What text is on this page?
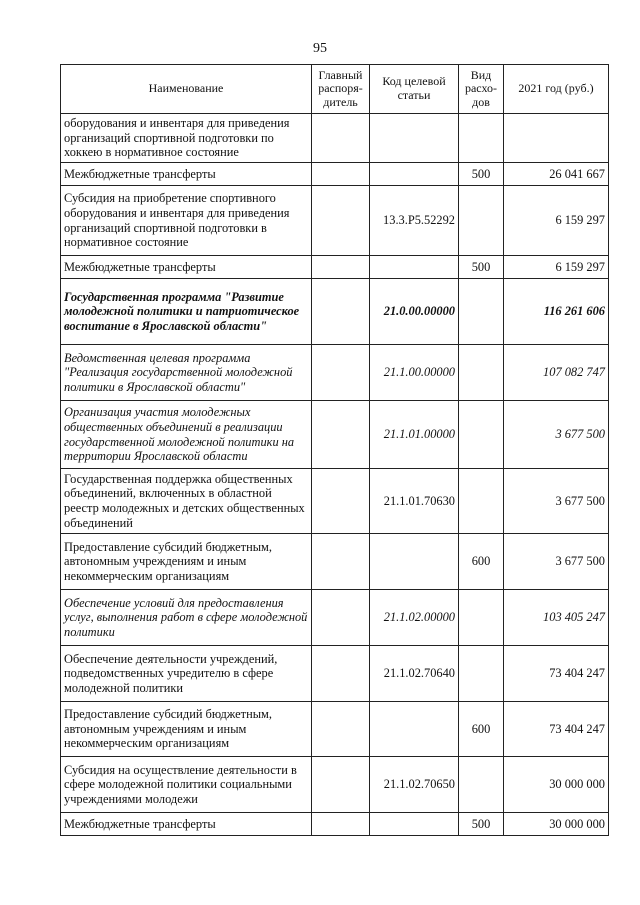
95
Наименование	Главный распоря-дитель	Код целевой статьи	Вид расхо-дов	2021 год (руб.)
оборудования и инвентаря для приведения организаций спортивной подготовки по хоккею в нормативное состояние				
Межбюджетные трансферты			500	26 041 667
Субсидия на приобретение спортивного оборудования и инвентаря для приведения организаций спортивной подготовки в нормативное состояние		13.3.Р5.52292		6 159 297
Межбюджетные трансферты			500	6 159 297
Государственная программа "Развитие молодежной политики и патриотическое воспитание в Ярославской области"		21.0.00.00000		116 261 606
Ведомственная целевая программа "Реализация государственной молодежной политики в Ярославской области"		21.1.00.00000		107 082 747
Организация участия молодежных общественных объединений в реализации государственной молодежной политики на территории Ярославской области		21.1.01.00000		3 677 500
Государственная поддержка общественных объединений, включенных в областной реестр молодежных и детских общественных объединений		21.1.01.70630		3 677 500
Предоставление субсидий бюджетным, автономным учреждениям и иным некоммерческим организациям			600	3 677 500
Обеспечение условий для предоставления услуг, выполнения работ в сфере молодежной политики		21.1.02.00000		103 405 247
Обеспечение деятельности учреждений, подведомственных учредителю в сфере молодежной политики		21.1.02.70640		73 404 247
Предоставление субсидий бюджетным, автономным учреждениям и иным некоммерческим организациям			600	73 404 247
Субсидия на осуществление деятельности в сфере молодежной политики социальными учреждениями молодежи		21.1.02.70650		30 000 000
Межбюджетные трансферты			500	30 000 000
